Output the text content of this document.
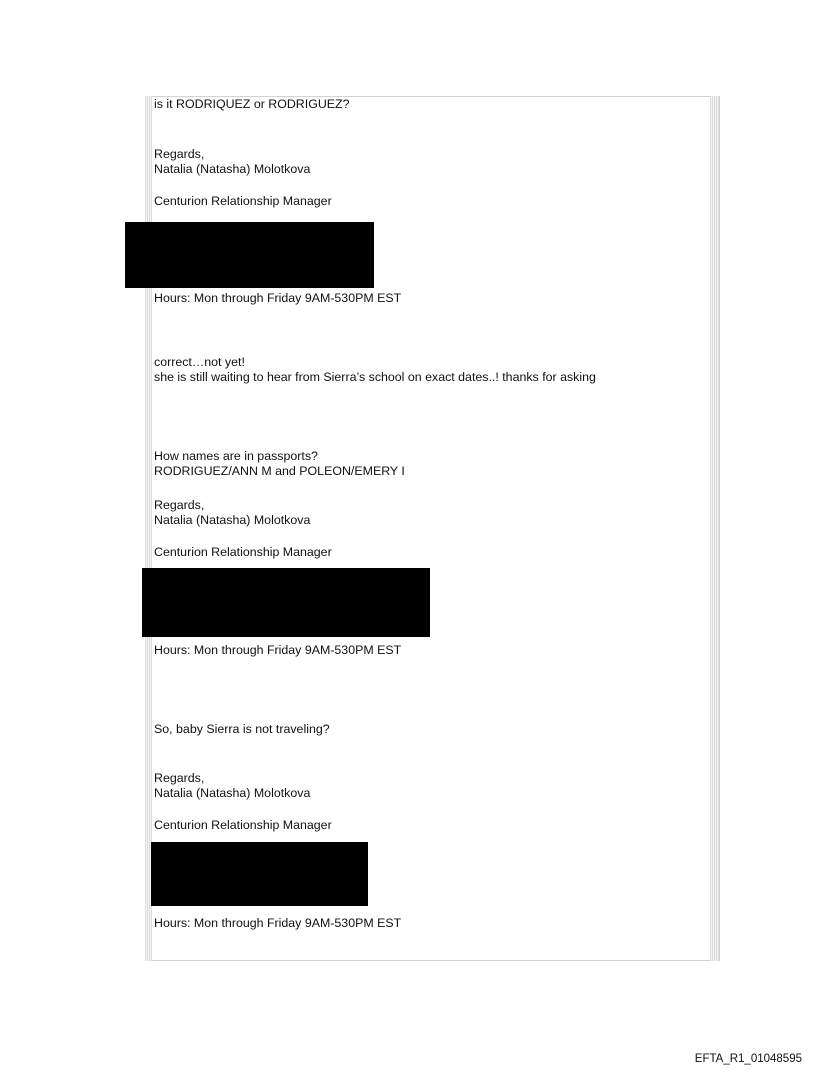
is it RODRIQUEZ or RODRIGUEZ?
Regards,
Natalia (Natasha) Molotkova
Centurion Relationship Manager
Hours: Mon through Friday 9AM-530PM EST
correct…not yet!
she is still waiting to hear from Sierra’s school on exact dates..! thanks for asking
How names are in passports?
RODRIGUEZ/ANN M and POLEON/EMERY I
Regards,
Natalia (Natasha) Molotkova
Centurion Relationship Manager
Hours: Mon through Friday 9AM-530PM EST
So, baby Sierra is not traveling?
Regards,
Natalia (Natasha) Molotkova
Centurion Relationship Manager
Hours: Mon through Friday 9AM-530PM EST
EFTA_R1_01048595
